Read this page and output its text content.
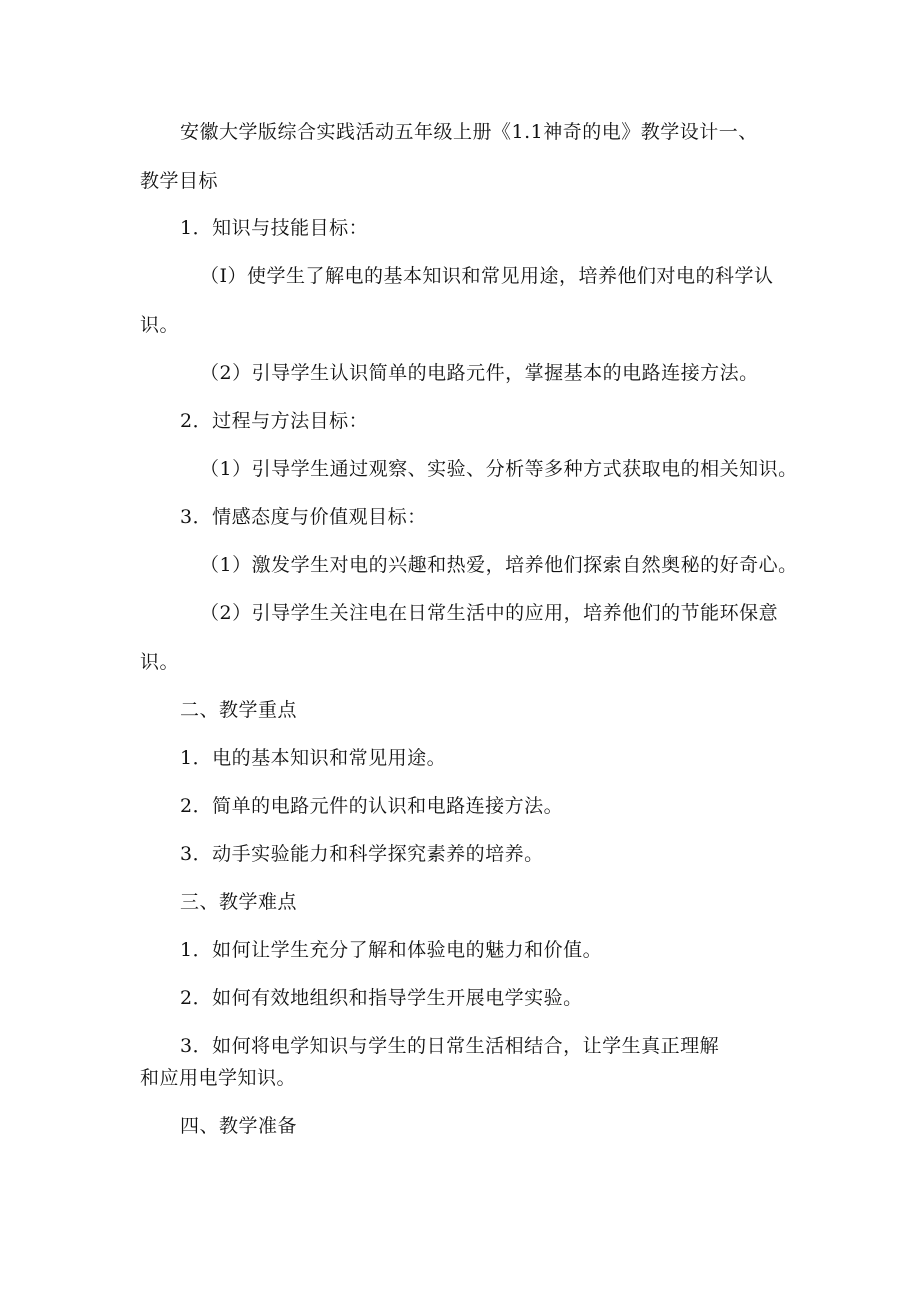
安徽大学版综合实践活动五年级上册《1.1神奇的电》教学设计一、
教学目标
1．知识与技能目标：
（I）使学生了解电的基本知识和常见用途，培养他们对电的科学认
识。
（2）引导学生认识简单的电路元件，掌握基本的电路连接方法。
2．过程与方法目标：
（1）引导学生通过观察、实验、分析等多种方式获取电的相关知识。
3．情感态度与价值观目标：
（1）激发学生对电的兴趣和热爱，培养他们探索自然奥秘的好奇心。
（2）引导学生关注电在日常生活中的应用，培养他们的节能环保意
识。
二、教学重点
1．电的基本知识和常见用途。
2．简单的电路元件的认识和电路连接方法。
3．动手实验能力和科学探究素养的培养。
三、教学难点
1．如何让学生充分了解和体验电的魅力和价值。
2．如何有效地组织和指导学生开展电学实验。
3．如何将电学知识与学生的日常生活相结合，让学生真正理解
和应用电学知识。
四、教学准备
